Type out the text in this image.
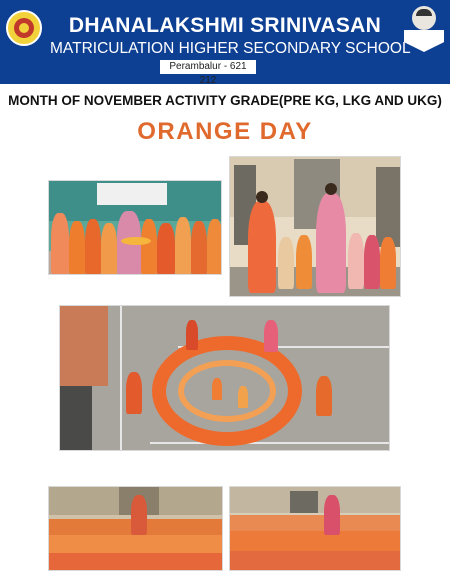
DHANALAKSHMI SRINIVASAN
MATRICULATION HIGHER SECONDARY SCHOOL
Perambalur - 621 212
MONTH OF NOVEMBER ACTIVITY GRADE(PRE KG, LKG AND UKG)
ORANGE DAY
